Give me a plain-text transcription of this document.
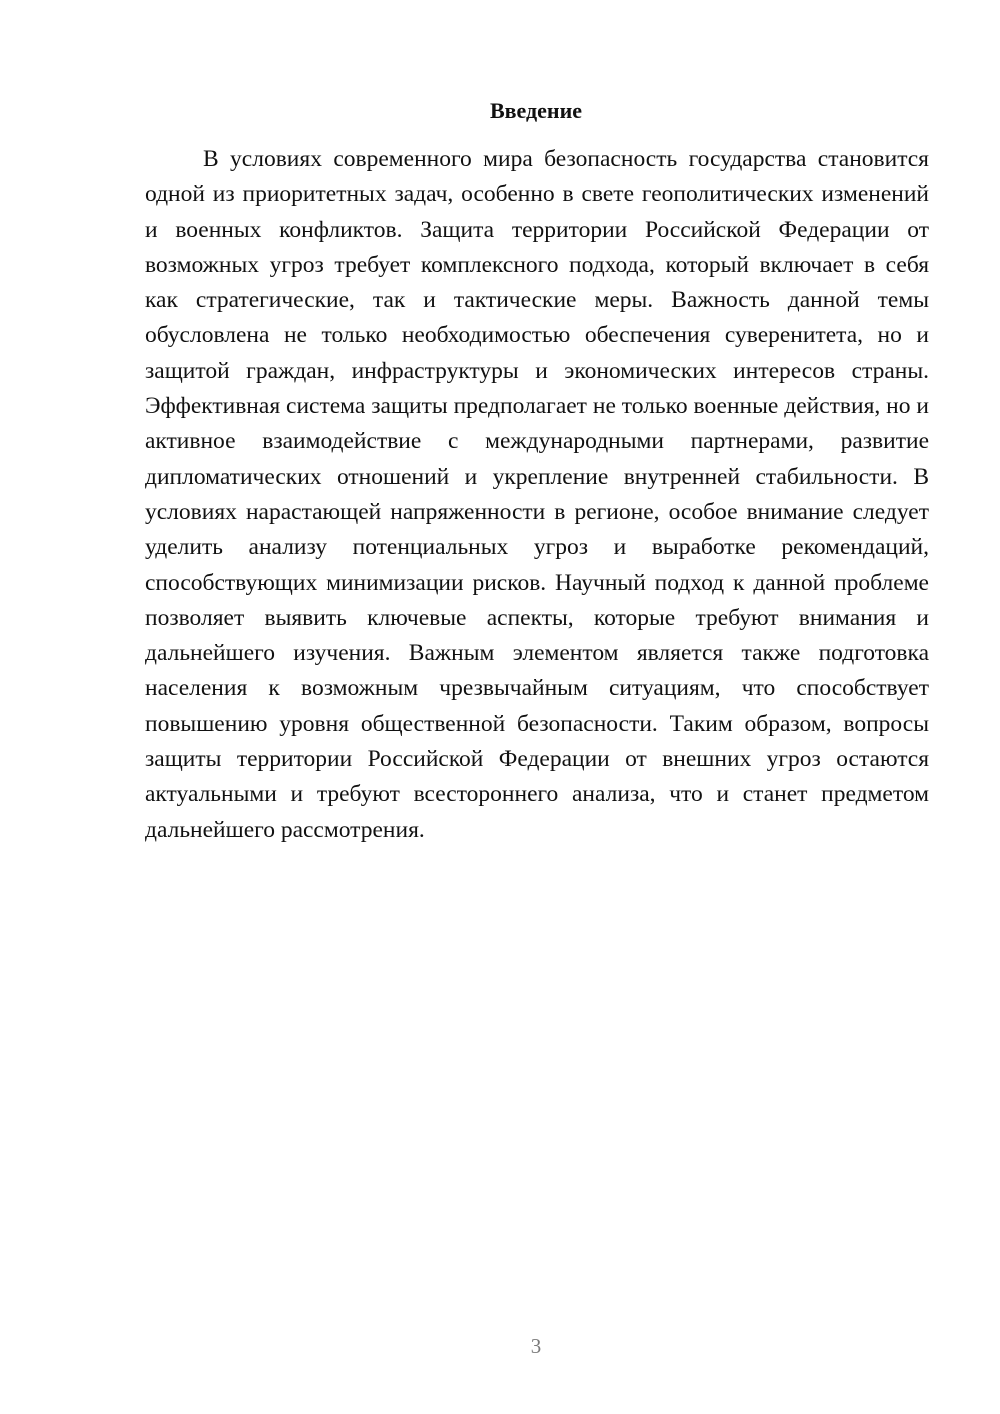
Введение

В условиях современного мира безопасность государства становится одной из приоритетных задач, особенно в свете геополитических изменений и военных конфликтов. Защита территории Российской Федерации от возможных угроз требует комплексного подхода, который включает в себя как стратегические, так и тактические меры. Важность данной темы обусловлена не только необходимостью обеспечения суверенитета, но и защитой граждан, инфраструктуры и экономических интересов страны. Эффективная система защиты предполагает не только военные действия, но и активное взаимодействие с международными партнерами, развитие дипломатических отношений и укрепление внутренней стабильности. В условиях нарастающей напряженности в регионе, особое внимание следует уделить анализу потенциальных угроз и выработке рекомендаций, способствующих минимизации рисков. Научный подход к данной проблеме позволяет выявить ключевые аспекты, которые требуют внимания и дальнейшего изучения. Важным элементом является также подготовка населения к возможным чрезвычайным ситуациям, что способствует повышению уровня общественной безопасности. Таким образом, вопросы защиты территории Российской Федерации от внешних угроз остаются актуальными и требуют всестороннего анализа, что и станет предметом дальнейшего рассмотрения.

3
